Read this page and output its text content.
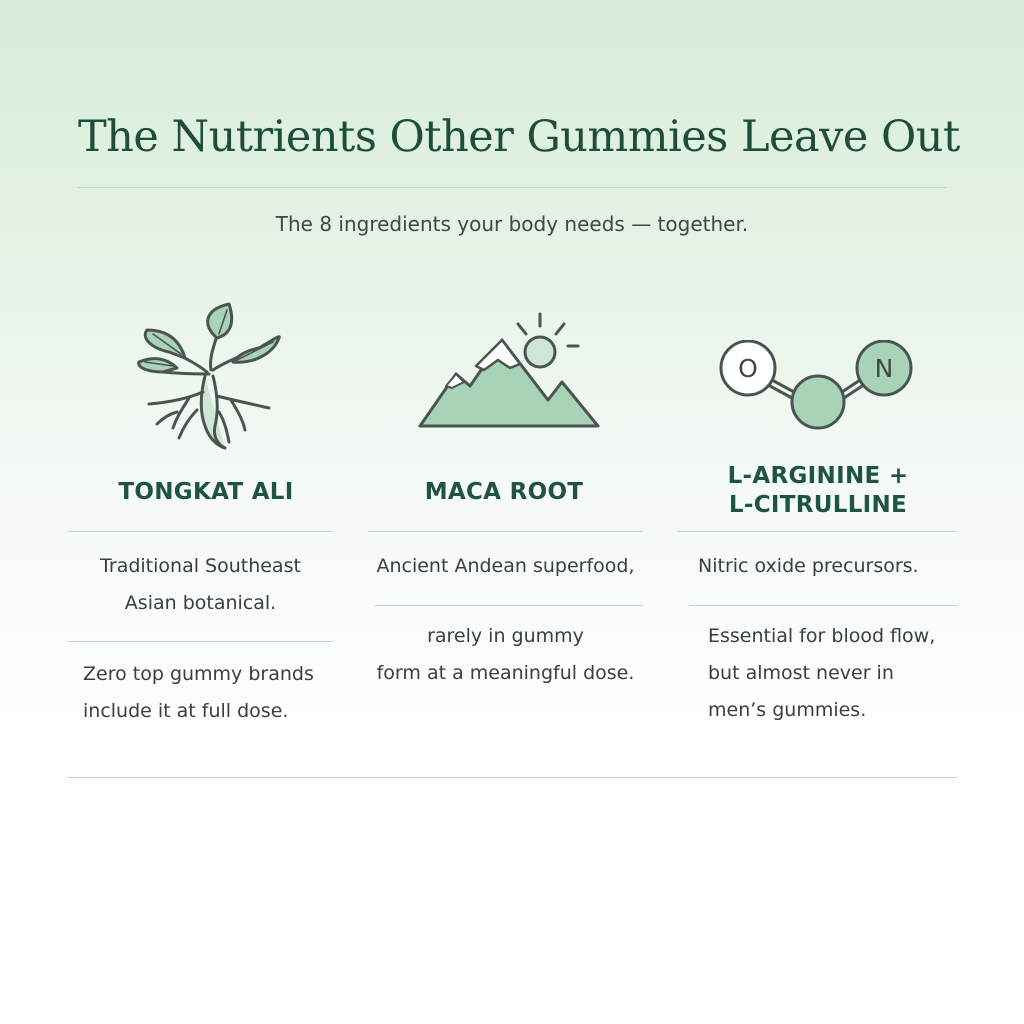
The Nutrients Other Gummies Leave Out
The 8 ingredients your body needs — together.
TONGKAT ALI
Traditional Southeast
Asian botanical.
Zero top gummy brands
include it at full dose.
MACA ROOT
Ancient Andean superfood,
rarely in gummy
form at a meaningful dose.
O	N
L-ARGININE +
L-CITRULLINE
Nitric oxide precursors.
Essential for blood flow,
but almost never in
men’s gummies.
